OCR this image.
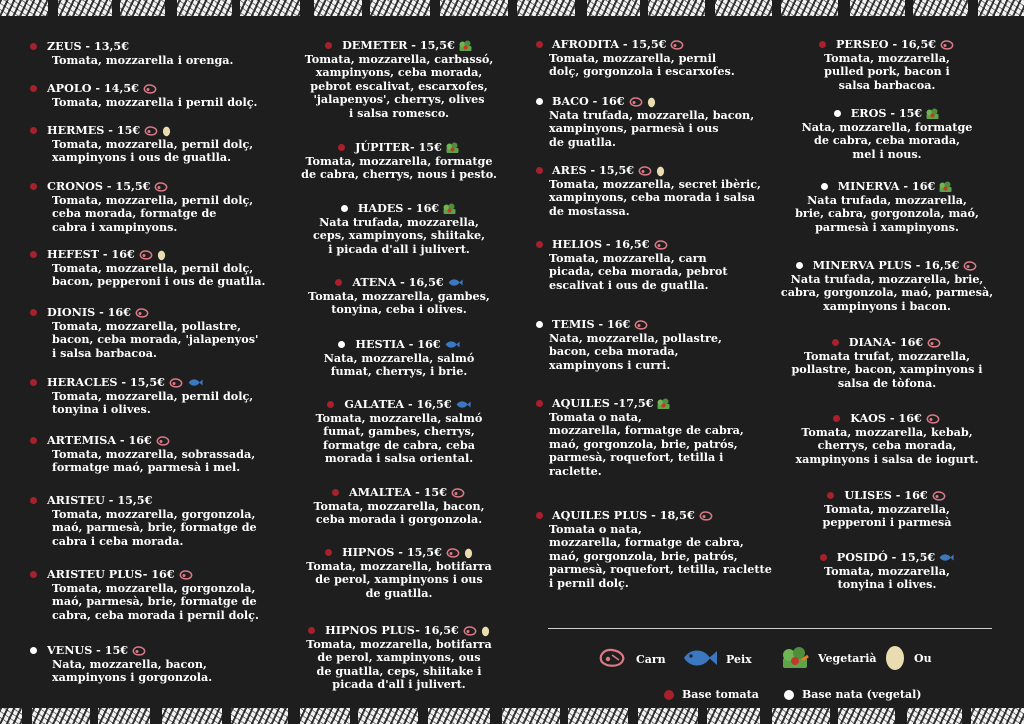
ZEUS - 13,5€
Tomata, mozzarella i orenga.
APOLO - 14,5€
Tomata, mozzarella i pernil dolç.
HERMES - 15€
Tomata, mozzarella, pernil dolç,
xampinyons i ous de guatlla.
CRONOS - 15,5€
Tomata, mozzarella, pernil dolç,
ceba morada, formatge de
cabra i xampinyons.
HEFEST - 16€
Tomata, mozzarella, pernil dolç,
bacon, pepperoni i ous de guatlla.
DIONIS - 16€
Tomata, mozzarella, pollastre,
bacon, ceba morada, 'jalapenyos'
i salsa barbacoa.
HERACLES - 15,5€
Tomata, mozzarella, pernil dolç,
tonyina i olives.
ARTEMISA - 16€
Tomata, mozzarella, sobrassada,
formatge maó, parmesà i mel.
ARISTEU - 15,5€
Tomata, mozzarella, gorgonzola,
maó, parmesà, brie, formatge de
cabra i ceba morada.
ARISTEU PLUS- 16€
Tomata, mozzarella, gorgonzola,
maó, parmesà, brie, formatge de
cabra, ceba morada i pernil dolç.
VENUS - 15€
Nata, mozzarella, bacon,
xampinyons i gorgonzola.
DEMETER - 15,5€
Tomata, mozzarella, carbassó,
xampinyons, ceba morada,
pebrot escalivat, escarxofes,
'jalapenyos', cherrys, olives
i salsa romesco.
JÚPITER- 15€
Tomata, mozzarella, formatge
de cabra, cherrys, nous i pesto.
HADES - 16€
Nata trufada, mozzarella,
ceps, xampinyons, shiitake,
i picada d'all i julivert.
ATENA - 16,5€
Tomata, mozzarella, gambes,
tonyina, ceba i olives.
HESTIA - 16€
Nata, mozzarella, salmó
fumat, cherrys, i brie.
GALATEA - 16,5€
Tomata, mozzarella, salmó
fumat, gambes, cherrys,
formatge de cabra, ceba
morada i salsa oriental.
AMALTEA - 15€
Tomata, mozzarella, bacon,
ceba morada i gorgonzola.
HIPNOS - 15,5€
Tomata, mozzarella, botifarra
de perol, xampinyons i ous
de guatlla.
HIPNOS PLUS- 16,5€
Tomata, mozzarella, botifarra
de perol, xampinyons, ous
de guatlla, ceps, shiitake i
picada d'all i julivert.
AFRODITA - 15,5€
Tomata, mozzarella, pernil
dolç, gorgonzola i escarxofes.
BACO - 16€
Nata trufada, mozzarella, bacon,
xampinyons, parmesà i ous
de guatlla.
ARES - 15,5€
Tomata, mozzarella, secret ibèric,
xampinyons, ceba morada i salsa
de mostassa.
HELIOS - 16,5€
Tomata, mozzarella, carn
picada, ceba morada, pebrot
escalivat i ous de guatlla.
TEMIS - 16€
Nata, mozzarella, pollastre,
bacon, ceba morada,
xampinyons i curri.
AQUILES -17,5€
Tomata o nata,
mozzarella, formatge de cabra,
maó, gorgonzola, brie, patrós,
parmesà, roquefort, tetilla i
raclette.
AQUILES PLUS - 18,5€
Tomata o nata,
mozzarella, formatge de cabra,
maó, gorgonzola, brie, patrós,
parmesà, roquefort, tetilla, raclette
i pernil dolç.
PERSEO - 16,5€
Tomata, mozzarella,
pulled pork, bacon i
salsa barbacoa.
EROS - 15€
Nata, mozzarella, formatge
de cabra, ceba morada,
mel i nous.
MINERVA - 16€
Nata trufada, mozzarella,
brie, cabra, gorgonzola, maó,
parmesà i xampinyons.
MINERVA PLUS - 16,5€
Nata trufada, mozzarella, brie,
cabra, gorgonzola, maó, parmesà,
xampinyons i bacon.
DIANA- 16€
Tomata trufat, mozzarella,
pollastre, bacon, xampinyons i
salsa de tòfona.
KAOS - 16€
Tomata, mozzarella, kebab,
cherrys, ceba morada,
xampinyons i salsa de iogurt.
ULISES - 16€
Tomata, mozzarella,
pepperoni i parmesà
POSIDÓ - 15,5€
Tomata, mozzarella,
tonyina i olives.
Carn	Peix	Vegetarià	Ou
Base tomata	Base nata (vegetal)
